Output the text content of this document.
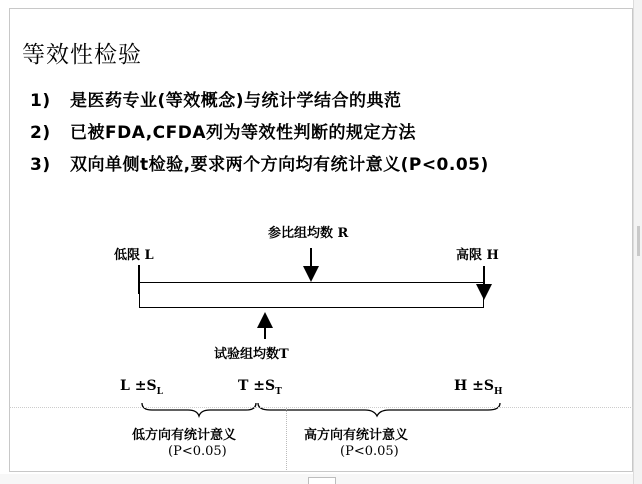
等效性检验
1) 是医药专业(等效概念)与统计学结合的典范
2) 已被FDA,CFDA列为等效性判断的规定方法
3) 双向单侧t检验,要求两个方向均有统计意义(P<0.05)
低限 L	高限 H
参比组均数 R
试验组均数T
$L \pm S_L$	$T \pm S_T$	$H \pm S_H$
低方向有统计意义
(P<0.05)
高方向有统计意义
(P<0.05)
